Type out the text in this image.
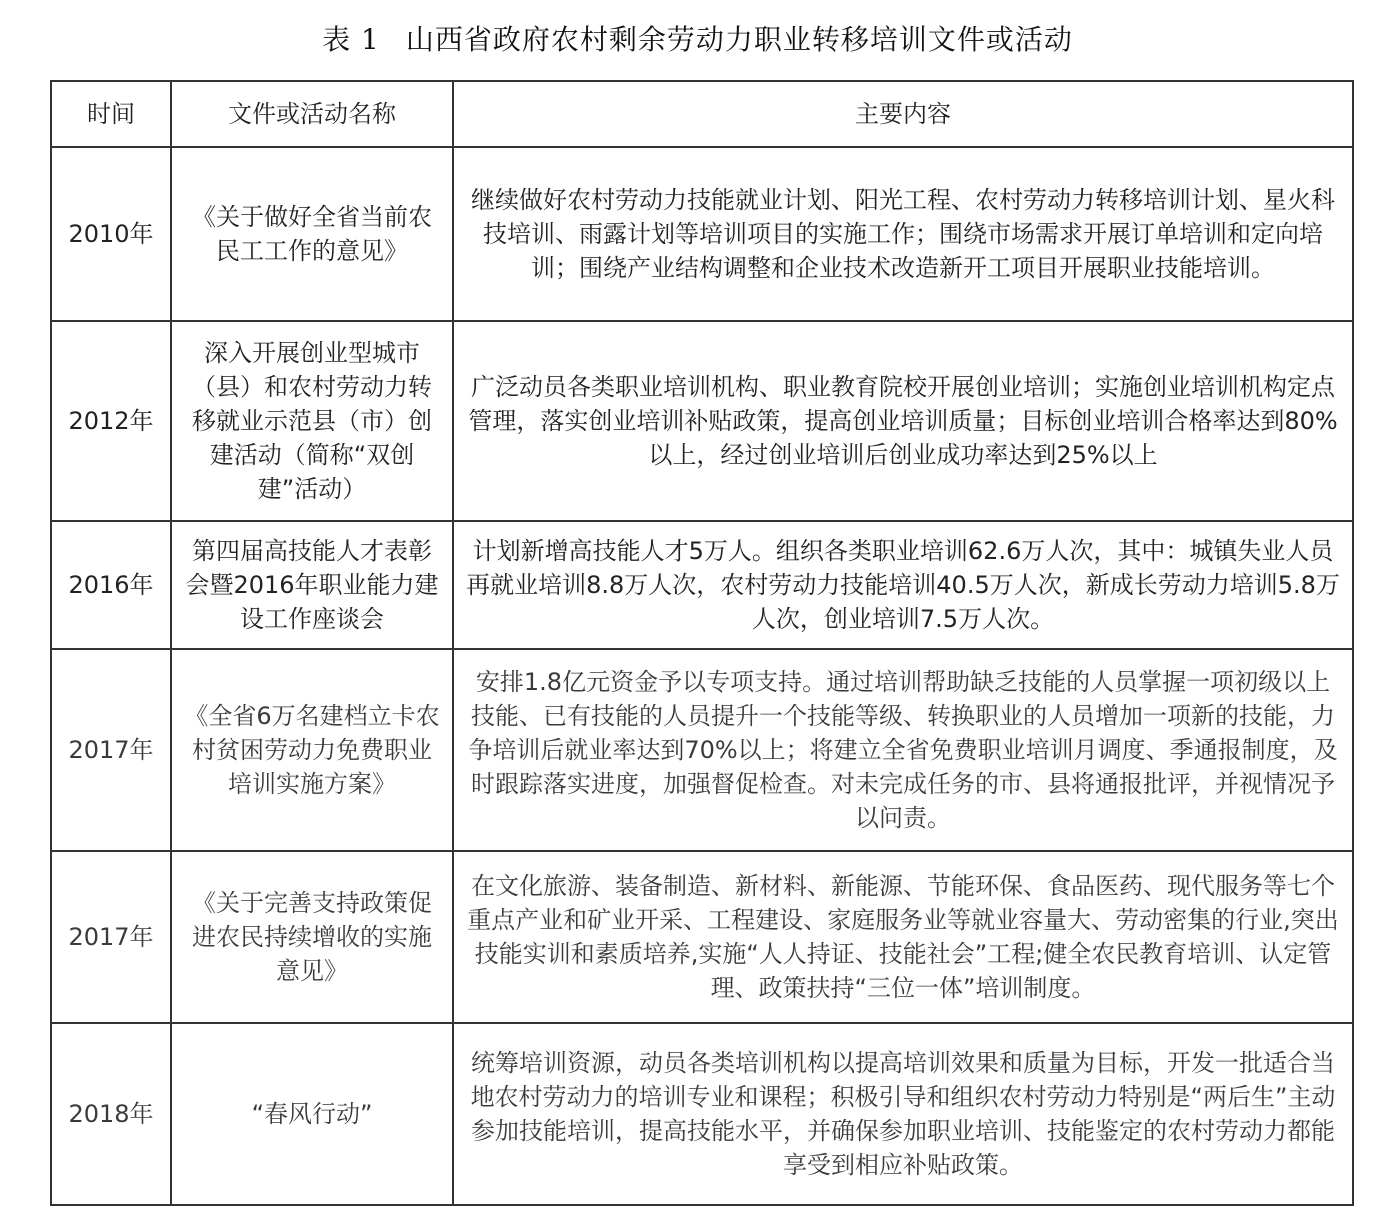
表 1 山西省政府农村剩余劳动力职业转移培训文件或活动
时间	文件或活动名称	主要内容
2010年	《关于做好全省当前农民工工作的意见》	继续做好农村劳动力技能就业计划、阳光工程、农村劳动力转移培训计划、星火科技培训、雨露计划等培训项目的实施工作；围绕市场需求开展订单培训和定向培训；围绕产业结构调整和企业技术改造新开工项目开展职业技能培训。
2012年	深入开展创业型城市（县）和农村劳动力转移就业示范县（市）创建活动（简称“双创建”活动）	广泛动员各类职业培训机构、职业教育院校开展创业培训；实施创业培训机构定点管理，落实创业培训补贴政策，提高创业培训质量；目标创业培训合格率达到80%以上，经过创业培训后创业成功率达到25%以上
2016年	第四届高技能人才表彰会暨2016年职业能力建设工作座谈会	计划新增高技能人才5万人。组织各类职业培训62.6万人次，其中：城镇失业人员再就业培训8.8万人次，农村劳动力技能培训40.5万人次，新成长劳动力培训5.8万人次，创业培训7.5万人次。
2017年	《全省6万名建档立卡农村贫困劳动力免费职业培训实施方案》	安排1.8亿元资金予以专项支持。通过培训帮助缺乏技能的人员掌握一项初级以上技能、已有技能的人员提升一个技能等级、转换职业的人员增加一项新的技能，力争培训后就业率达到70%以上；将建立全省免费职业培训月调度、季通报制度，及时跟踪落实进度，加强督促检查。对未完成任务的市、县将通报批评，并视情况予以问责。
2017年	《关于完善支持政策促进农民持续增收的实施意见》	在文化旅游、装备制造、新材料、新能源、节能环保、食品医药、现代服务等七个重点产业和矿业开采、工程建设、家庭服务业等就业容量大、劳动密集的行业,突出技能实训和素质培养,实施“人人持证、技能社会”工程;健全农民教育培训、认定管理、政策扶持“三位一体”培训制度。
2018年	“春风行动”	统筹培训资源，动员各类培训机构以提高培训效果和质量为目标，开发一批适合当地农村劳动力的培训专业和课程；积极引导和组织农村劳动力特别是“两后生”主动参加技能培训，提高技能水平，并确保参加职业培训、技能鉴定的农村劳动力都能享受到相应补贴政策。
